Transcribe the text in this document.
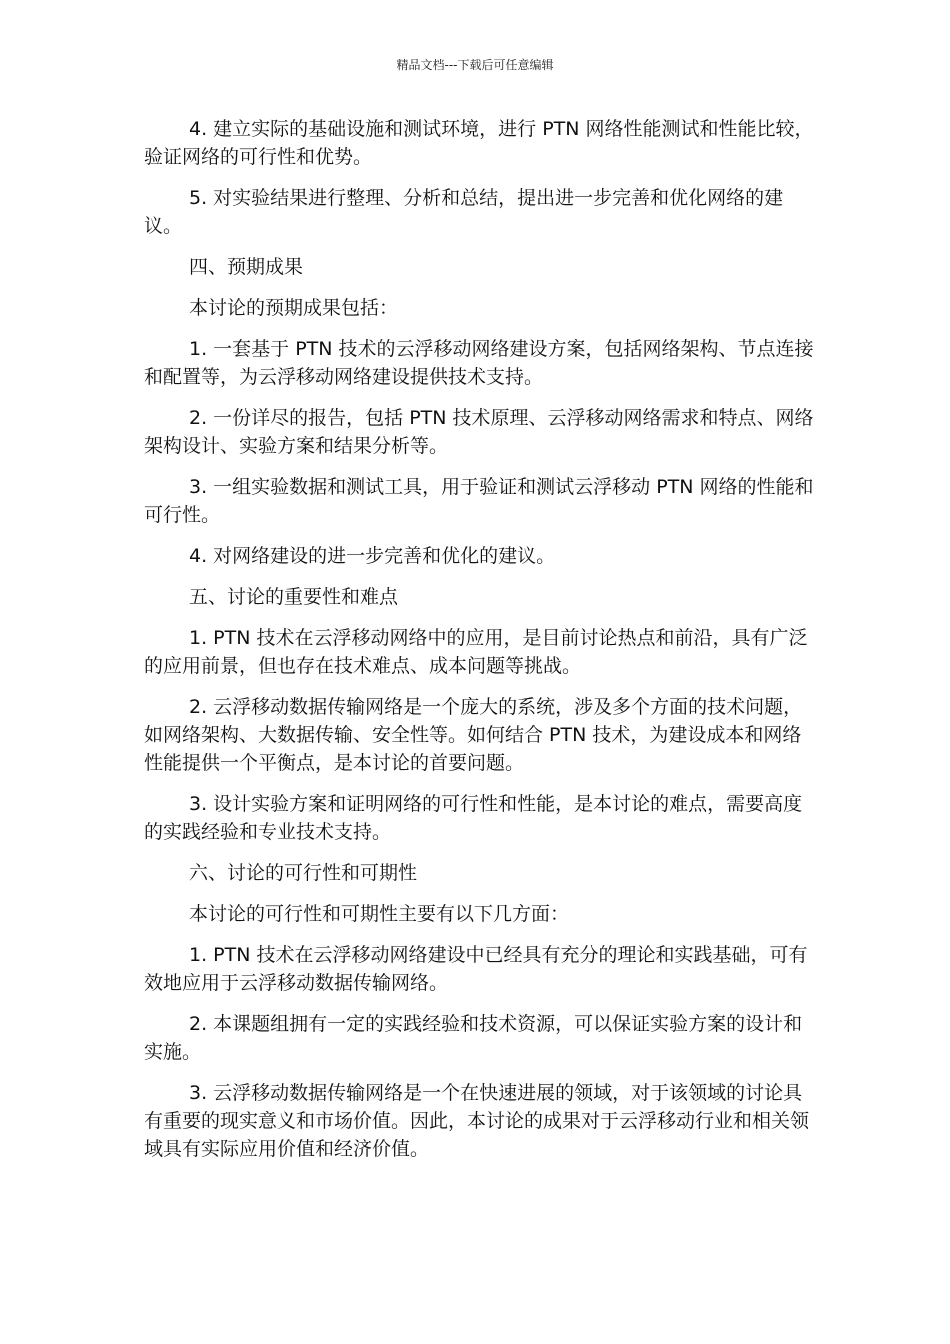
精品文档---下载后可任意编辑

4. 建立实际的基础设施和测试环境，进行 PTN 网络性能测试和性能比较，验证网络的可行性和优势。

5. 对实验结果进行整理、分析和总结，提出进一步完善和优化网络的建议。

四、预期成果

本讨论的预期成果包括：

1. 一套基于 PTN 技术的云浮移动网络建设方案，包括网络架构、节点连接和配置等，为云浮移动网络建设提供技术支持。

2. 一份详尽的报告，包括 PTN 技术原理、云浮移动网络需求和特点、网络架构设计、实验方案和结果分析等。

3. 一组实验数据和测试工具，用于验证和测试云浮移动 PTN 网络的性能和可行性。

4. 对网络建设的进一步完善和优化的建议。

五、讨论的重要性和难点

1. PTN 技术在云浮移动网络中的应用，是目前讨论热点和前沿，具有广泛的应用前景，但也存在技术难点、成本问题等挑战。

2. 云浮移动数据传输网络是一个庞大的系统，涉及多个方面的技术问题，如网络架构、大数据传输、安全性等。如何结合 PTN 技术，为建设成本和网络性能提供一个平衡点，是本讨论的首要问题。

3. 设计实验方案和证明网络的可行性和性能，是本讨论的难点，需要高度的实践经验和专业技术支持。

六、讨论的可行性和可期性

本讨论的可行性和可期性主要有以下几方面：

1. PTN 技术在云浮移动网络建设中已经具有充分的理论和实践基础，可有效地应用于云浮移动数据传输网络。

2. 本课题组拥有一定的实践经验和技术资源，可以保证实验方案的设计和实施。

3. 云浮移动数据传输网络是一个在快速进展的领域，对于该领域的讨论具有重要的现实意义和市场价值。因此，本讨论的成果对于云浮移动行业和相关领域具有实际应用价值和经济价值。
